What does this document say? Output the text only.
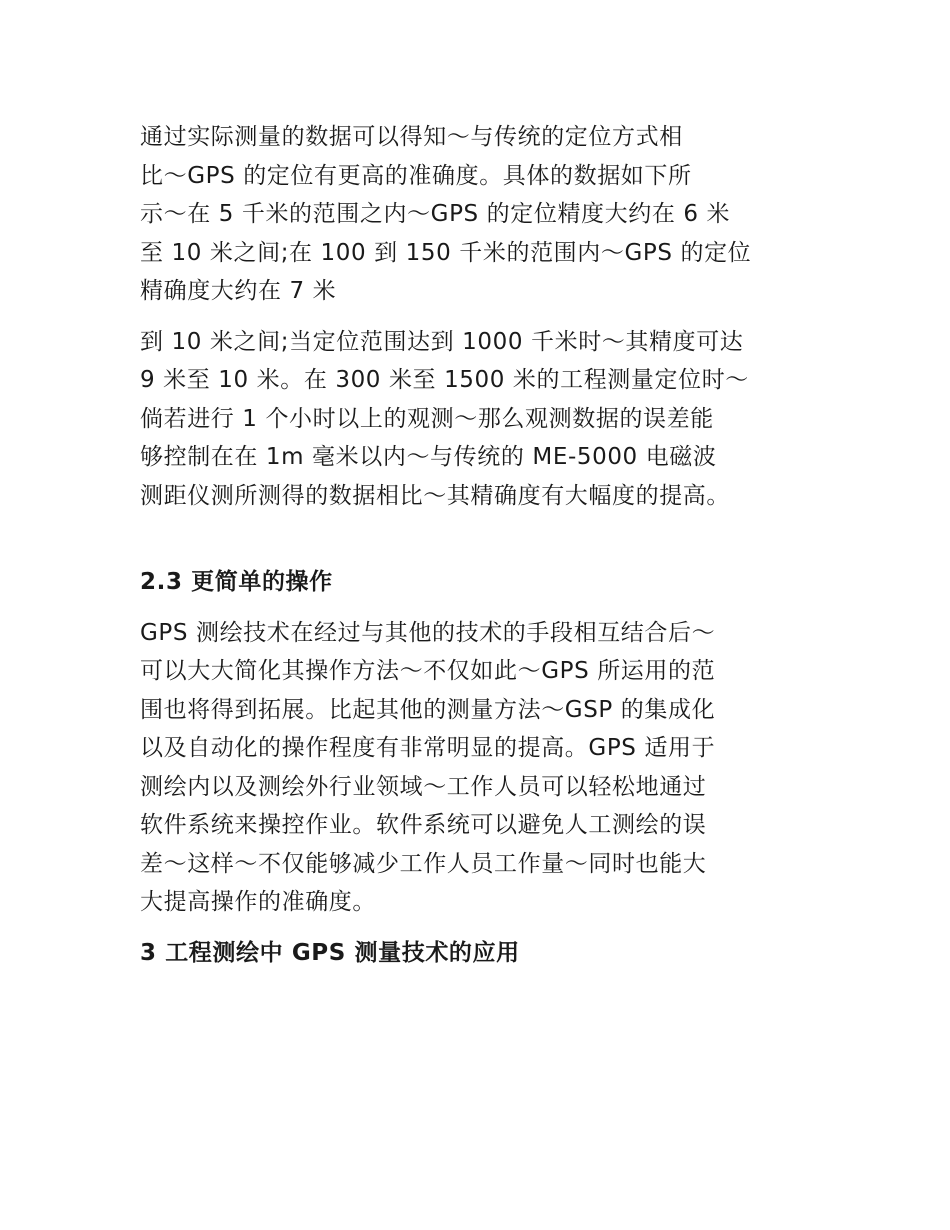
通过实际测量的数据可以得知～与传统的定位方式相
比～GPS 的定位有更高的准确度。具体的数据如下所
示～在 5 千米的范围之内～GPS 的定位精度大约在 6 米
至 10 米之间;在 100 到 150 千米的范围内～GPS 的定位
精确度大约在 7 米

到 10 米之间;当定位范围达到 1000 千米时～其精度可达
9 米至 10 米。在 300 米至 1500 米的工程测量定位时～
倘若进行 1 个小时以上的观测～那么观测数据的误差能
够控制在在 1m 毫米以内～与传统的 ME-5000 电磁波
测距仪测所测得的数据相比～其精确度有大幅度的提高。

2.3 更简单的操作

GPS 测绘技术在经过与其他的技术的手段相互结合后～
可以大大简化其操作方法～不仅如此～GPS 所运用的范
围也将得到拓展。比起其他的测量方法～GSP 的集成化
以及自动化的操作程度有非常明显的提高。GPS 适用于
测绘内以及测绘外行业领域～工作人员可以轻松地通过
软件系统来操控作业。软件系统可以避免人工测绘的误
差～这样～不仅能够减少工作人员工作量～同时也能大
大提高操作的准确度。

3 工程测绘中 GPS 测量技术的应用
